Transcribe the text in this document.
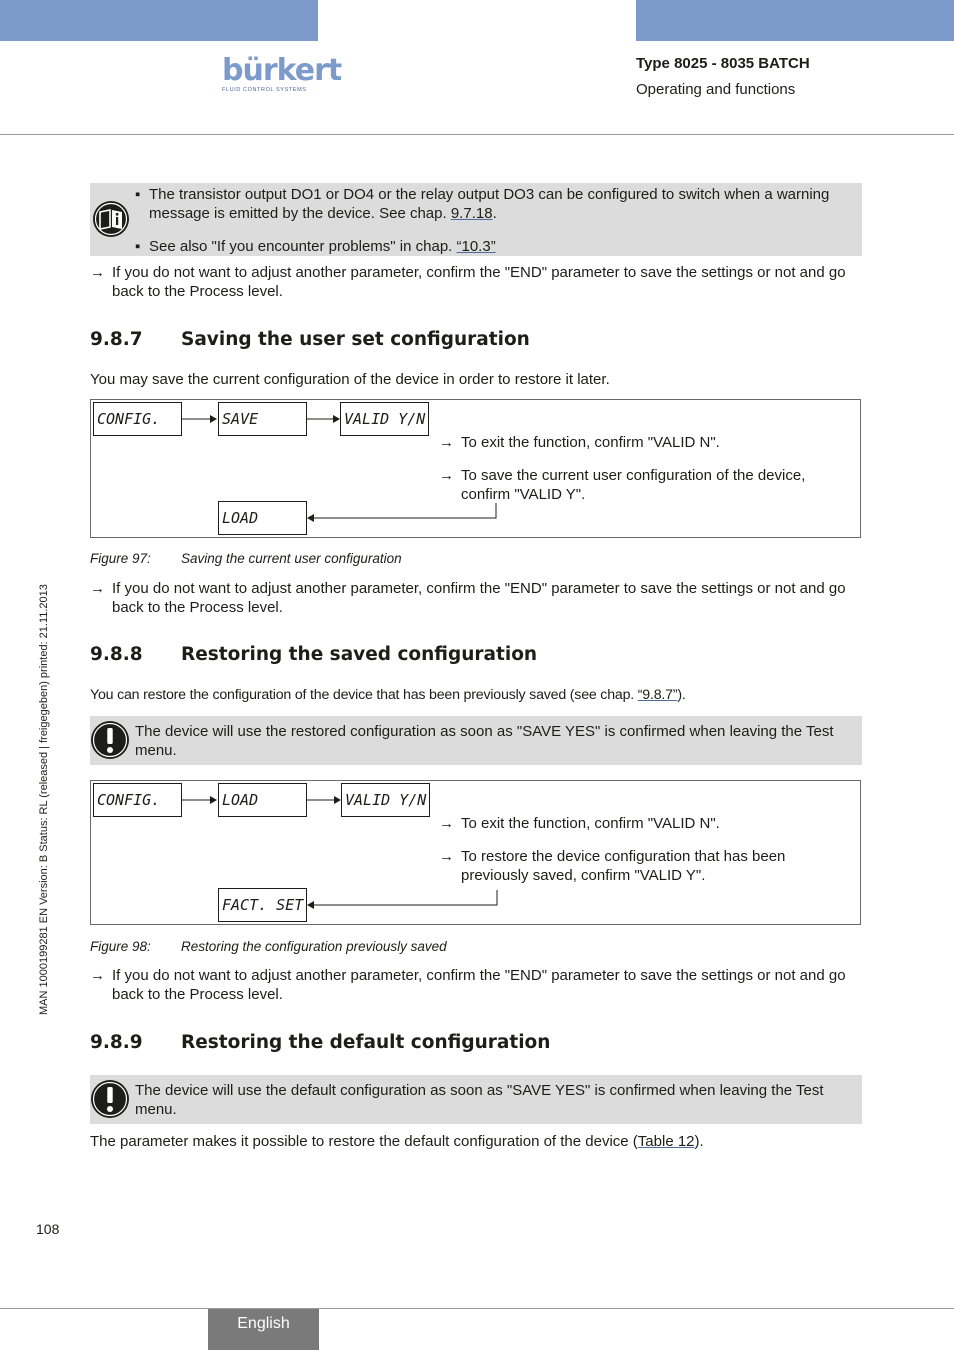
bürkert
FLUID CONTROL SYSTEMS
Type 8025 - 8035 BATCH
Operating and functions
▪ The transistor output DO1 or DO4 or the relay output DO3 can be configured to switch when a warning message is emitted by the device. See chap. 9.7.18.
▪ See also "If you encounter problems" in chap. “10.3”
→ If you do not want to adjust another parameter, confirm the "END" parameter to save the settings or not and go back to the Process level.
9.8.7 Saving the user set configuration
You may save the current configuration of the device in order to restore it later.
CONFIG.	SAVE	VALID Y/N
LOAD
→ To exit the function, confirm "VALID N".
→ To save the current user configuration of the device, confirm "VALID Y".
Figure 97: Saving the current user configuration
→ If you do not want to adjust another parameter, confirm the "END" parameter to save the settings or not and go back to the Process level.
9.8.8 Restoring the saved configuration
You can restore the configuration of the device that has been previously saved (see chap. “9.8.7”).
The device will use the restored configuration as soon as "SAVE YES" is confirmed when leaving the Test menu.
CONFIG.	LOAD	VALID Y/N
FACT. SET
→ To exit the function, confirm "VALID N".
→ To restore the device configuration that has been previously saved, confirm "VALID Y".
Figure 98: Restoring the configuration previously saved
→ If you do not want to adjust another parameter, confirm the "END" parameter to save the settings or not and go back to the Process level.
9.8.9 Restoring the default configuration
The device will use the default configuration as soon as "SAVE YES" is confirmed when leaving the Test menu.
The parameter makes it possible to restore the default configuration of the device (Table 12).
MAN 1000199281 EN Version: B Status: RL (released | freigegeben) printed: 21.11.2013
108
English
